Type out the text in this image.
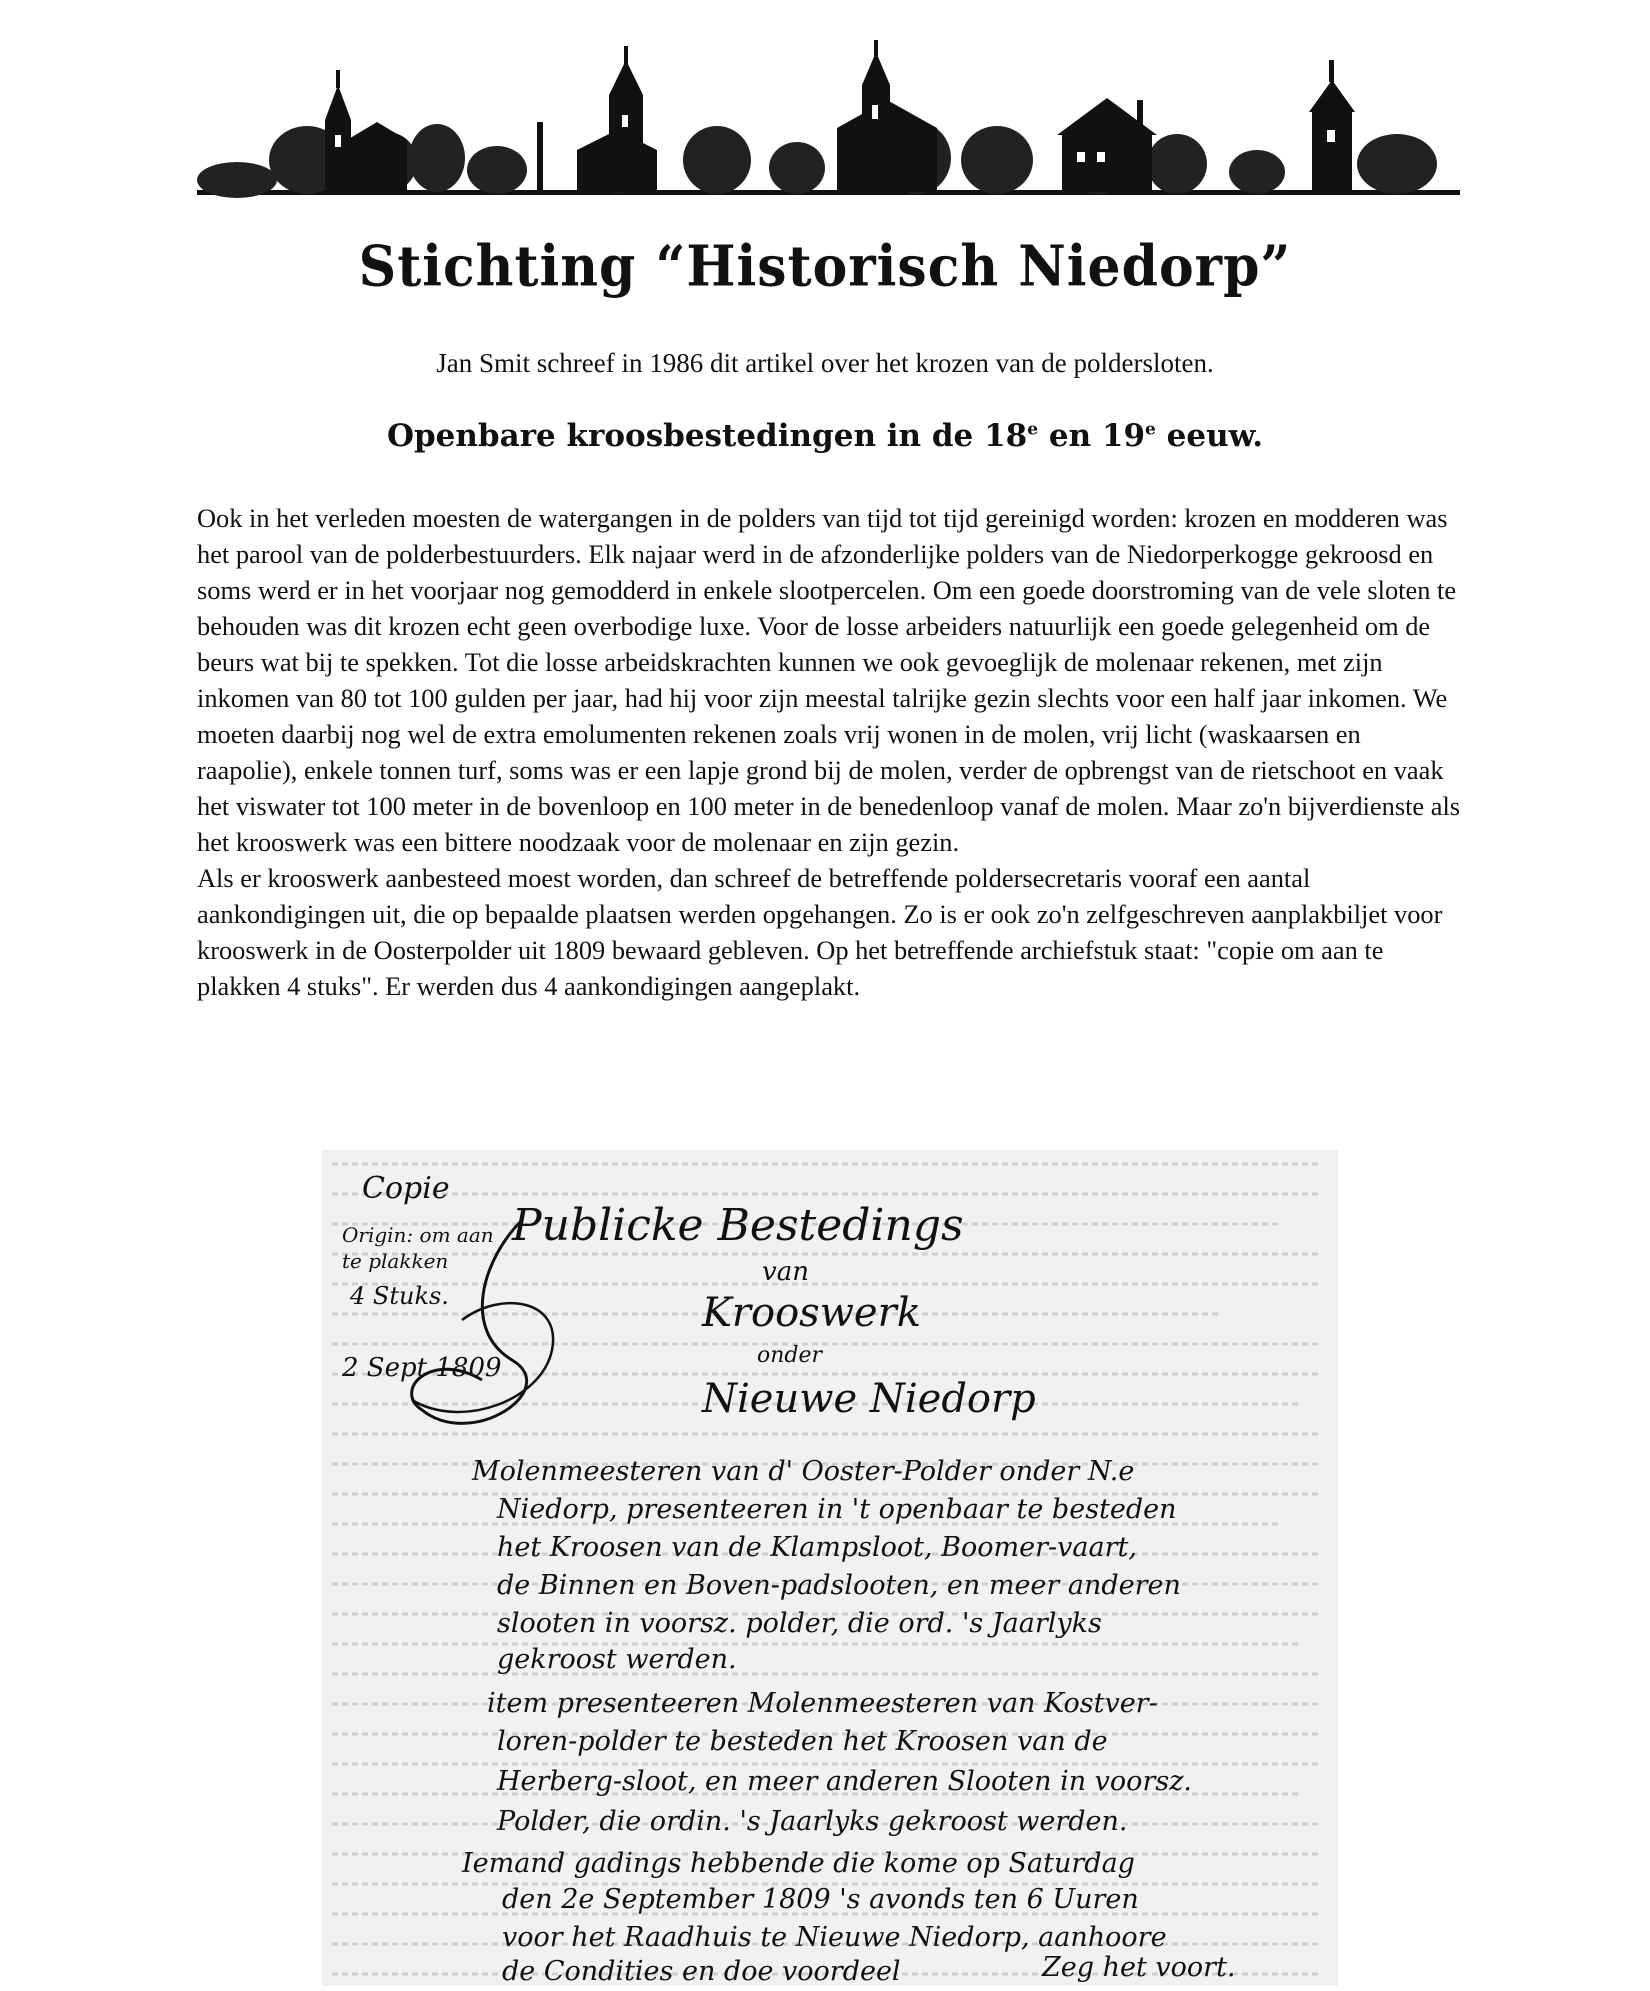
Stichting “Historisch Niedorp”
Jan Smit schreef in 1986 dit artikel over het krozen van de poldersloten.
Openbare kroosbestedingen in de 18e en 19e eeuw.

Ook in het verleden moesten de watergangen in de polders van tijd tot tijd gereinigd worden: krozen en modderen was het parool van de polderbestuurders. Elk najaar werd in de afzonderlijke polders van de Niedorperkogge gekroosd en soms werd er in het voorjaar nog gemodderd in enkele slootpercelen. Om een goede doorstroming van de vele sloten te behouden was dit krozen echt geen overbodige luxe. Voor de losse arbeiders natuurlijk een goede gelegenheid om de beurs wat bij te spekken. Tot die losse arbeidskrachten kunnen we ook gevoeglijk de molenaar rekenen, met zijn inkomen van 80 tot 100 gulden per jaar, had hij voor zijn meestal talrijke gezin slechts voor een half jaar inkomen. We moeten daarbij nog wel de extra emolumenten rekenen zoals vrij wonen in de molen, vrij licht (waskaarsen en raapolie), enkele tonnen turf, soms was er een lapje grond bij de molen, verder de opbrengst van de rietschoot en vaak het viswater tot 100 meter in de bovenloop en 100 meter in de benedenloop vanaf de molen. Maar zo'n bijverdienste als het krooswerk was een bittere noodzaak voor de molenaar en zijn gezin.

Als er krooswerk aanbesteed moest worden, dan schreef de betreffende poldersecretaris vooraf een aantal aankondigingen uit, die op bepaalde plaatsen werden opgehangen. Zo is er ook zo'n zelfgeschreven aanplakbiljet voor krooswerk in de Oosterpolder uit 1809 bewaard gebleven. Op het betreffende archiefstuk staat: "copie om aan te plakken 4 stuks". Er werden dus 4 aankondigingen aangeplakt.

Copie
Origin: om aan
te plakken
4 Stuks.
2 Sept 1809
Publicke Bestedings
van
Krooswerk
onder
Nieuwe Niedorp
Molenmeesteren van d' Ooster-Polder onder N.e
Niedorp, presenteeren in 't openbaar te besteden
het Kroosen van de Klampsloot, Boomer-vaart,
de Binnen en Boven-padslooten, en meer anderen
slooten in voorsz. polder, die ord. 's Jaarlyks
gekroost werden.
item presenteeren Molenmeesteren van Kostver-
loren-polder te besteden het Kroosen van de
Herberg-sloot, en meer anderen Slooten in voorsz.
Polder, die ordin. 's Jaarlyks gekroost werden.
Iemand gadings hebbende die kome op Saturdag
den 2e September 1809 's avonds ten 6 Uuren
voor het Raadhuis te Nieuwe Niedorp, aanhoore
de Condities en doe voordeel	Zeg het voort.
